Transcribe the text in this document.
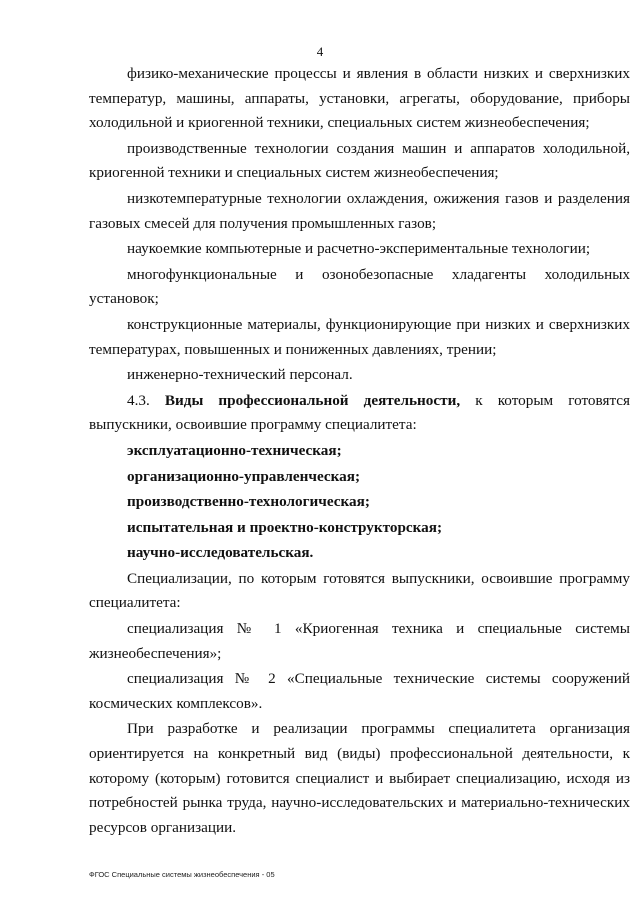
4

физико-механические процессы и явления в области низких и сверхнизких температур, машины, аппараты, установки, агрегаты, оборудование, приборы холодильной и криогенной техники, специальных систем жизнеобеспечения;

производственные технологии создания машин и аппаратов холодильной, криогенной техники и специальных систем жизнеобеспечения;

низкотемпературные технологии охлаждения, ожижения газов и разделения газовых смесей для получения промышленных газов;

наукоемкие компьютерные и расчетно-экспериментальные технологии;

многофункциональные и озонобезопасные хладагенты холодильных установок;

конструкционные материалы, функционирующие при низких и сверхнизких температурах, повышенных и пониженных давлениях, трении;

инженерно-технический персонал.

4.3. Виды профессиональной деятельности, к которым готовятся выпускники, освоившие программу специалитета:

эксплуатационно-техническая;

организационно-управленческая;

производственно-технологическая;

испытательная и проектно-конструкторская;

научно-исследовательская.

Специализации, по которым готовятся выпускники, освоившие программу специалитета:

специализация № 1 «Криогенная техника и специальные системы жизнеобеспечения»;

специализация № 2 «Специальные технические системы сооружений космических комплексов».

При разработке и реализации программы специалитета организация ориентируется на конкретный вид (виды) профессиональной деятельности, к которому (которым) готовится специалист и выбирает специализацию, исходя из потребностей рынка труда, научно-исследовательских и материально-технических ресурсов организации.

ФГОС Специальные системы жизнеобеспечения - 05
